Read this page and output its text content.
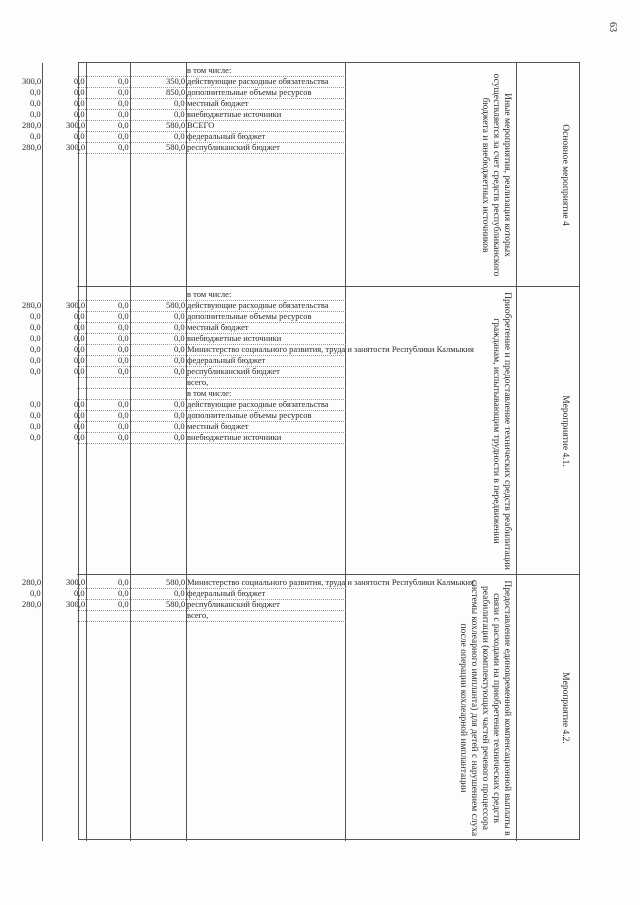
63
Основное мероприятие 4
Иные мероприятия, реализация которых осуществляется за счет средств республиканского бюджета и внебюджетных источников
в том числе:
действующие расходные обязательства
350,0
0,0
0,0
300,0
дополнительные объемы ресурсов
850,0
0,0
0,0
0,0
местный бюджет
0,0
0,0
0,0
0,0
внебюджетные источники
0,0
0,0
0,0
0,0
ВСЕГО
580,0
0,0
300,0
280,0
федеральный бюджет
0,0
0,0
0,0
0,0
республиканский бюджет
580,0
0,0
300,0
280,0
Мероприятие 4.1.
Приобретение и предоставление технических средств реабилитации гражданам, испытывающим трудности в передвижении
в том числе:
действующие расходные обязательства
580,0
0,0
300,0
280,0
дополнительные объемы ресурсов
0,0
0,0
0,0
0,0
местный бюджет
0,0
0,0
0,0
0,0
внебюджетные источники
0,0
0,0
0,0
0,0
Министерство социального развития, труда и занятости Республики Калмыкия
0,0
0,0
0,0
0,0
федеральный бюджет
0,0
0,0
0,0
0,0
республиканский бюджет
0,0
0,0
0,0
0,0
всего,
в том числе:
действующие расходные обязательства
0,0
0,0
0,0
0,0
дополнительные объемы ресурсов
0,0
0,0
0,0
0,0
местный бюджет
0,0
0,0
0,0
0,0
внебюджетные источники
0,0
0,0
0,0
0,0
Мероприятие 4.2.
Предоставление единовременной компенсационной выплаты в связи с расходами на приобретение технических средств реабилитации (комплектующих частей речевого процессора системы кохлеарного импланта) для детей с нарушением слуха после операции кохлеарной имплантации
Министерство социального развития, труда и занятости Республики Калмыкия
580,0
0,0
300,0
280,0
федеральный бюджет
0,0
0,0
0,0
0,0
республиканский бюджет
580,0
0,0
300,0
280,0
всего,
